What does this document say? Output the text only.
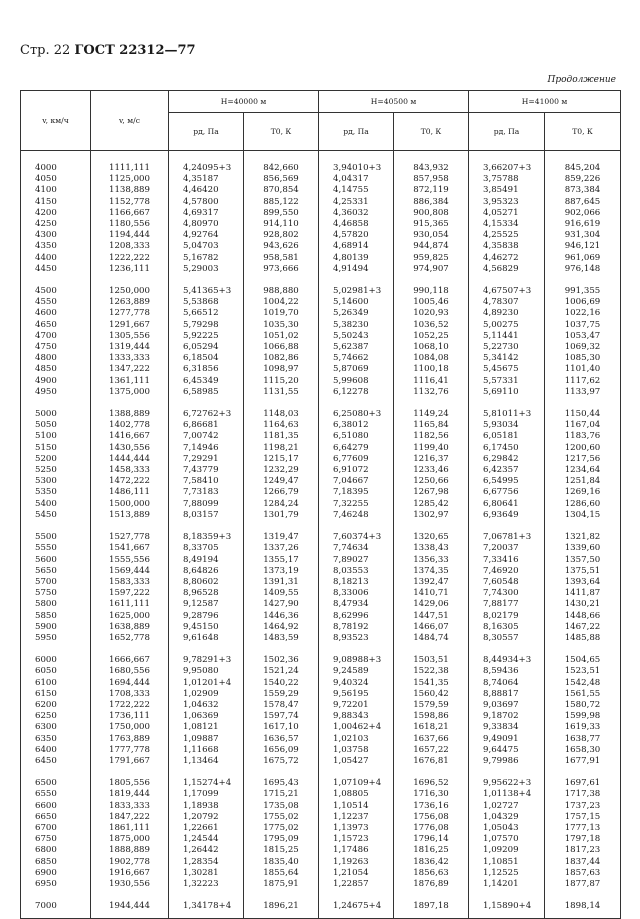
Стр. 22 ГОСТ 22312—77
Продолжение
v, км/ч	v, м/с	H=40000 м		H=40500 м		H=41000 м	
		pд, Па	T0, К	pд, Па	T0, К	pд, Па	T0, К
4000	1111,111	4,24095+3	842,660	3,94010+3	843,932	3,66207+3	845,204
4050	1125,000	4,35187	856,569	4,04317	857,958	3,75788	859,226
4100	1138,889	4,46420	870,854	4,14755	872,119	3,85491	873,384
4150	1152,778	4,57800	885,122	4,25331	886,384	3,95323	887,645
4200	1166,667	4,69317	899,550	4,36032	900,808	4,05271	902,066
4250	1180,556	4,80970	914,110	4,46858	915,365	4,15334	916,619
4300	1194,444	4,92764	928,802	4,57820	930,054	4,25525	931,304
4350	1208,333	5,04703	943,626	4,68914	944,874	4,35838	946,121
4400	1222,222	5,16782	958,581	4,80139	959,825	4,46272	961,069
4450	1236,111	5,29003	973,666	4,91494	974,907	4,56829	976,148

4500	1250,000	5,41365+3	988,880	5,02981+3	990,118	4,67507+3	991,355
4550	1263,889	5,53868	1004,22	5,14600	1005,46	4,78307	1006,69
4600	1277,778	5,66512	1019,70	5,26349	1020,93	4,89230	1022,16
4650	1291,667	5,79298	1035,30	5,38230	1036,52	5,00275	1037,75
4700	1305,556	5,92225	1051,02	5,50243	1052,25	5,11441	1053,47
4750	1319,444	6,05294	1066,88	5,62387	1068,10	5,22730	1069,32
4800	1333,333	6,18504	1082,86	5,74662	1084,08	5,34142	1085,30
4850	1347,222	6,31856	1098,97	5,87069	1100,18	5,45675	1101,40
4900	1361,111	6,45349	1115,20	5,99608	1116,41	5,57331	1117,62
4950	1375,000	6,58985	1131,55	6,12278	1132,76	5,69110	1133,97

5000	1388,889	6,72762+3	1148,03	6,25080+3	1149,24	5,81011+3	1150,44
5050	1402,778	6,86681	1164,63	6,38012	1165,84	5,93034	1167,04
5100	1416,667	7,00742	1181,35	6,51080	1182,56	6,05181	1183,76
5150	1430,556	7,14946	1198,21	6,64279	1199,40	6,17450	1200,60
5200	1444,444	7,29291	1215,17	6,77609	1216,37	6,29842	1217,56
5250	1458,333	7,43779	1232,29	6,91072	1233,46	6,42357	1234,64
5300	1472,222	7,58410	1249,47	7,04667	1250,66	6,54995	1251,84
5350	1486,111	7,73183	1266,79	7,18395	1267,98	6,67756	1269,16
5400	1500,000	7,88099	1284,24	7,32255	1285,42	6,80641	1286,60
5450	1513,889	8,03157	1301,79	7,46248	1302,97	6,93649	1304,15

5500	1527,778	8,18359+3	1319,47	7,60374+3	1320,65	7,06781+3	1321,82
5550	1541,667	8,33705	1337,26	7,74634	1338,43	7,20037	1339,60
5600	1555,556	8,49194	1355,17	7,89027	1356,33	7,33416	1357,50
5650	1569,444	8,64826	1373,19	8,03553	1374,35	7,46920	1375,51
5700	1583,333	8,80602	1391,31	8,18213	1392,47	7,60548	1393,64
5750	1597,222	8,96528	1409,55	8,33006	1410,71	7,74300	1411,87
5800	1611,111	9,12587	1427,90	8,47934	1429,06	7,88177	1430,21
5850	1625,000	9,28796	1446,36	8,62996	1447,51	8,02179	1448,66
5900	1638,889	9,45150	1464,92	8,78192	1466,07	8,16305	1467,22
5950	1652,778	9,61648	1483,59	8,93523	1484,74	8,30557	1485,88

6000	1666,667	9,78291+3	1502,36	9,08988+3	1503,51	8,44934+3	1504,65
6050	1680,556	9,95080	1521,24	9,24589	1522,38	8,59436	1523,51
6100	1694,444	1,01201+4	1540,22	9,40324	1541,35	8,74064	1542,48
6150	1708,333	1,02909	1559,29	9,56195	1560,42	8,88817	1561,55
6200	1722,222	1,04632	1578,47	9,72201	1579,59	9,03697	1580,72
6250	1736,111	1,06369	1597,74	9,88343	1598,86	9,18702	1599,98
6300	1750,000	1,08121	1617,10	1,00462+4	1618,21	9,33834	1619,33
6350	1763,889	1,09887	1636,57	1,02103	1637,66	9,49091	1638,77
6400	1777,778	1,11668	1656,09	1,03758	1657,22	9,64475	1658,30
6450	1791,667	1,13464	1675,72	1,05427	1676,81	9,79986	1677,91

6500	1805,556	1,15274+4	1695,43	1,07109+4	1696,52	9,95622+3	1697,61
6550	1819,444	1,17099	1715,21	1,08805	1716,30	1,01138+4	1717,38
6600	1833,333	1,18938	1735,08	1,10514	1736,16	1,02727	1737,23
6650	1847,222	1,20792	1755,02	1,12237	1756,08	1,04329	1757,15
6700	1861,111	1,22661	1775,02	1,13973	1776,08	1,05043	1777,13
6750	1875,000	1,24544	1795,09	1,15723	1796,14	1,07570	1797,18
6800	1888,889	1,26442	1815,25	1,17486	1816,25	1,09209	1817,23
6850	1902,778	1,28354	1835,40	1,19263	1836,42	1,10851	1837,44
6900	1916,667	1,30281	1855,64	1,21054	1856,63	1,12525	1857,63
6950	1930,556	1,32223	1875,91	1,22857	1876,89	1,14201	1877,87

7000	1944,444	1,34178+4	1896,21	1,24675+4	1897,18	1,15890+4	1898,14
